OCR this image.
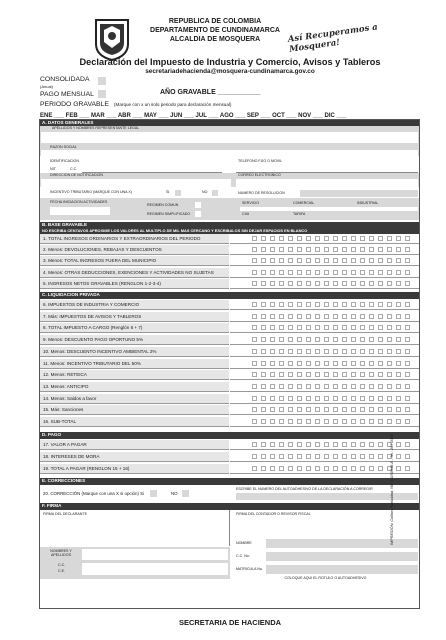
REPUBLICA DE COLOMBIA
DEPARTAMENTO DE CUNDINAMARCA
ALCALDIA DE MOSQUERA	Así Recuperamos a Mosquera!
Declaración del Impuesto de Industria y Comercio, Avisos y Tableros
secretariadehacienda@mosquera-cundinamarca.gov.co
CONSOLIDADA
(Anual)
PAGO MENSUAL	AÑO GRAVABLE ___________
PERIODO GRAVABLE (Marque con x un solo periodo para declaración mensual)
ENE ___ FEB ___ MAR ___ ABR ___ MAY ___ JUN ___ JUL ___ AGO ___ SEP ___ OCT ___ NOV ___ DIC ___
A. DATOS GENERALES
APELLIDOS Y NOMBRES REPRESENTANTE LEGAL
RAZON SOCIAL
IDENTIFICACION
NIT	C.C.
TELEFONO FIJO O MOVIL
DIRECCION DE NOTIFICACION	CORREO ELECTRONICO
INCENTIVO TRIBUTARIO (MARQUE CON UNA X)	SI	NO	NUMERO DE RESOLUCION
FECHA INICIACION ACTIVIDADES
REGIMEN COMUN
REGIMEN SIMPLIFICADO
SERVICIO	COMERCIAL	INDUSTRIAL
CIIU	TARIFA
B. BASE GRAVABLE
NO ESCRIBA CENTAVOS APROXIME LOS VALORES AL MULTIPLO DE MIL MAS CERCANO Y ESCRIBALOS SIN DEJAR ESPACIOS EN BLANCO
1. TOTAL INGRESOS ORDINARIOS Y EXTRAORDINARIOS DEL PERIODO
2. Menos: DEVOLUCIONES, REBAJAS Y DESCUENTOS
3. Menos: TOTAL INGRESOS FUERA DEL MUNICIPIO
4. Menos: OTRAS DEDUCCIONES, EXENCIONES Y ACTIVIDADES NO SUJETAS
5. INGRESOS NETOS GRAVABLES (RENGLON 1-2-3-4)
C. LIQUIDACION PRIVADA
6. IMPUESTOS DE INDUSTRIA Y COMERCIO
7. Más: IMPUESTOS DE AVISOS Y TABLEROS
8. TOTAL IMPUESTO A CARGO (Renglón 6 + 7)
9. Menos: DESCUENTO PAGO OPORTUNO 5%
10. Menos: DESCUENTO INCENTIVO AMBIENTAL 2%
11. Menos: INCENTIVO TRIBUTARIO DEL 50%
12. Menos: RETEICA
13. Menos: ANTICIPO
14. Menos: Saldos a favor
15. Más: Sanciones
16. SUB-TOTAL
D. PAGO
17. VALOR A PAGAR
18. INTERESES DE MORA
19. TOTAL A PAGAR (RENGLON 15 + 16)
E. CORRECCIONES
20. CORRECCIÓN (Marque con una X si opción) Si	NO
ESCRIBE EL NUMERO DEL AUTOADHESIVO DE LA DECLARACIÓN A CORREGIR
F. FIRMA
FIRMA DEL DECLARANTE	FIRMA DEL CONTADOR O REVISOR FISCAL
NOMBRE
NOMBRES Y APELLIDOS
C.C.
C.E.
C.C. No.
MATRICULA No.
COLOQUE AQUI EL ROTULO O AUTOADHESIVO
IMPRESIÓN: Colfom Publicidad, NIT 19250948-8 - Tel.: 267 2069
SECRETARIA DE HACIENDA
